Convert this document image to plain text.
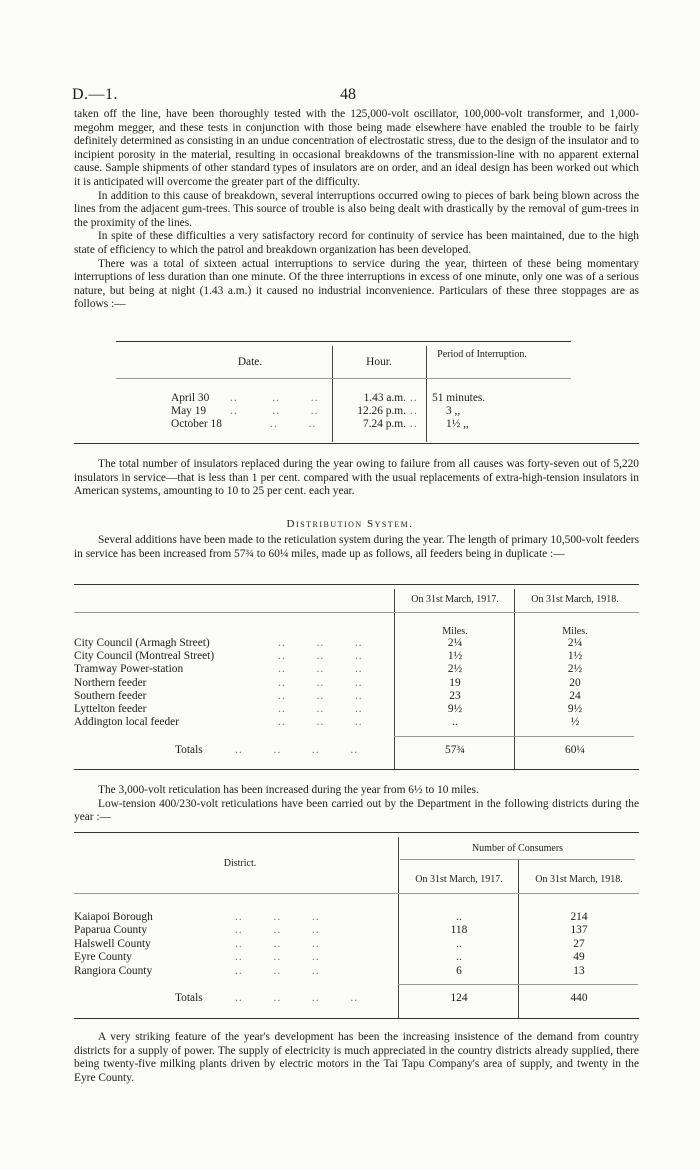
D.—1.	48

taken off the line, have been thoroughly tested with the 125,000-volt oscillator, 100,000-volt transformer, and 1,000-megohm megger, and these tests in conjunction with those being made elsewhere have enabled the trouble to be fairly definitely determined as consisting in an undue concentration of electrostatic stress, due to the design of the insulator and to incipient porosity in the material, resulting in occasional breakdowns of the transmission-line with no apparent external cause. Sample shipments of other standard types of insulators are on order, and an ideal design has been worked out which it is anticipated will overcome the greater part of the difficulty.

In addition to this cause of breakdown, several interruptions occurred owing to pieces of bark being blown across the lines from the adjacent gum-trees. This source of trouble is also being dealt with drastically by the removal of gum-trees in the proximity of the lines.

In spite of these difficulties a very satisfactory record for continuity of service has been maintained, due to the high state of efficiency to which the patrol and breakdown organization has been developed.

There was a total of sixteen actual interruptions to service during the year, thirteen of these being momentary interruptions of less duration than one minute. Of the three interruptions in excess of one minute, only one was of a serious nature, but being at night (1.43 a.m.) it caused no industrial inconvenience. Particulars of these three stoppages are as follows :—

Date.	Hour.
Period of Interruption.
April 30 ..         ..        ..	1.43 a.m. .. 51 minutes.
May 19 ..         ..        ..	12.26 p.m. .. 3 ,,
October 18	..        ..	7.24 p.m. .. 1½ ,,
The total number of insulators replaced during the year owing to failure from all causes was forty-seven out of 5,220 insulators in service—that is less than 1 per cent. compared with the usual replacements of extra-high-tension insulators in American systems, amounting to 10 to 25 per cent. each year.
Distribution System.
Several additions have been made to the reticulation system during the year. The length of primary 10,500-volt feeders in service has been increased from 57¾ to 60¼ miles, made up as follows, all feeders being in duplicate :—
On 31st March, 1917.	On 31st March, 1918.
Miles.	Miles.
City Council (Armagh Street)	..        ..        ..	2¼	2¼
City Council (Montreal Street)	..        ..        ..	1½	1½
Tramway Power-station	..        ..        ..	2½	2½
Northern feeder	..        ..        ..	19	20
Southern feeder	..        ..        ..	23	24
Lyttelton feeder	..        ..        ..	9½	9½
Addington local feeder	..        ..        ..	..	½
Totals	..        ..        ..        ..	57¾	60¼

The 3,000-volt reticulation has been increased during the year from 6½ to 10 miles.

Low-tension 400/230-volt reticulations have been carried out by the Department in the following districts during the year :—

Number of Consumers
District.
On 31st March, 1917.	On 31st March, 1918.
Kaiapoi Borough	..        ..        ..	..	214
Paparua County	..        ..        ..	118	137
Halswell County	..        ..        ..	..	27
Eyre County	..        ..        ..	..	49
Rangiora County	..        ..        ..	6	13
Totals	..        ..        ..        ..	124	440
A very striking feature of the year's development has been the increasing insistence of the demand from country districts for a supply of power. The supply of electricity is much appreciated in the country districts already supplied, there being twenty-five milking plants driven by electric motors in the Tai Tapu Company's area of supply, and twenty in the Eyre County.
